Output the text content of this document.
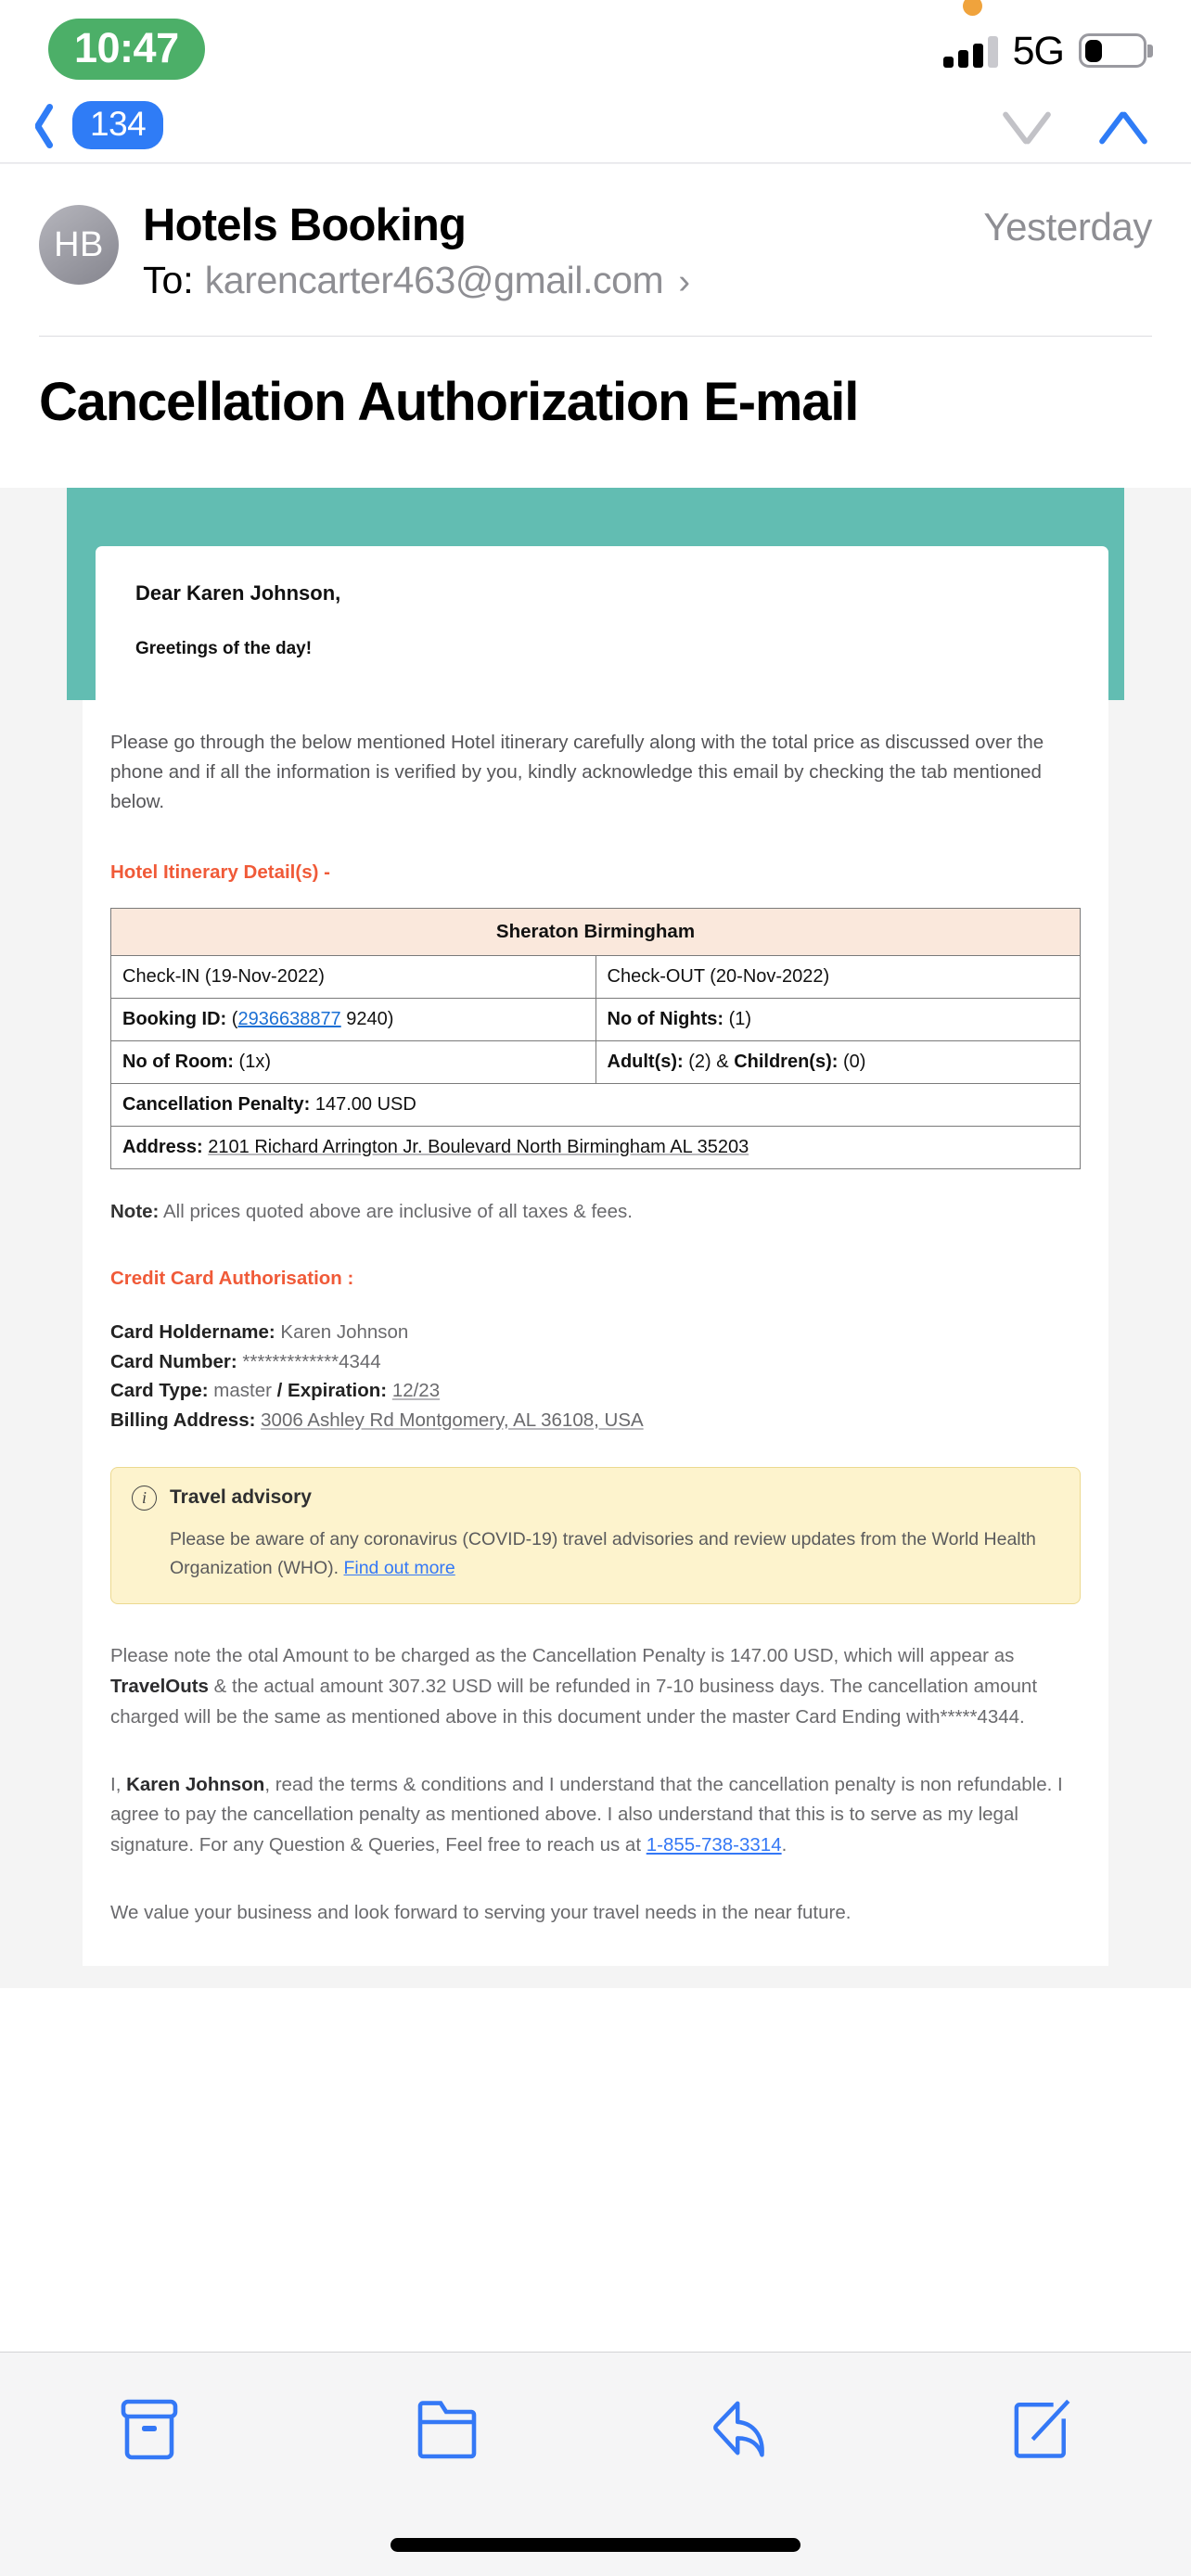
10:47	5G
134
HB Hotels Booking	Yesterday
To: karencarter463@gmail.com ›
Cancellation Authorization E-mail
Dear Karen Johnson,
Greetings of the day!

Please go through the below mentioned Hotel itinerary carefully along with the total price as discussed over the phone and if all the information is verified by you, kindly acknowledge this email by checking the tab mentioned below.

Hotel Itinerary Detail(s) -
Sheraton Birmingham	
Check-IN (19-Nov-2022)	Check-OUT (20-Nov-2022)
Booking ID: (2936638877 9240)	No of Nights: (1)
No of Room: (1x)	Adult(s): (2) & Children(s): (0)
Cancellation Penalty: 147.00 USD	
Address: 2101 Richard Arrington Jr. Boulevard North Birmingham AL 35203	
Note: All prices quoted above are inclusive of all taxes & fees.
Credit Card Authorisation :
Card Holdername: Karen Johnson
Card Number: *************4344
Card Type: master / Expiration: 12/23
Billing Address: 3006 Ashley Rd Montgomery, AL 36108, USA
i	Travel advisory
Please be aware of any coronavirus (COVID-19) travel advisories and review updates from the World Health Organization (WHO). Find out more

Please note the otal Amount to be charged as the Cancellation Penalty is 147.00 USD, which will appear as TravelOuts & the actual amount 307.32 USD will be refunded in 7-10 business days. The cancellation amount charged will be the same as mentioned above in this document under the master Card Ending with*****4344.

I, Karen Johnson, read the terms & conditions and I understand that the cancellation penalty is non refundable. I agree to pay the cancellation penalty as mentioned above. I also understand that this is to serve as my legal signature. For any Question & Queries, Feel free to reach us at 1-855-738-3314.

We value your business and look forward to serving your travel needs in the near future.
